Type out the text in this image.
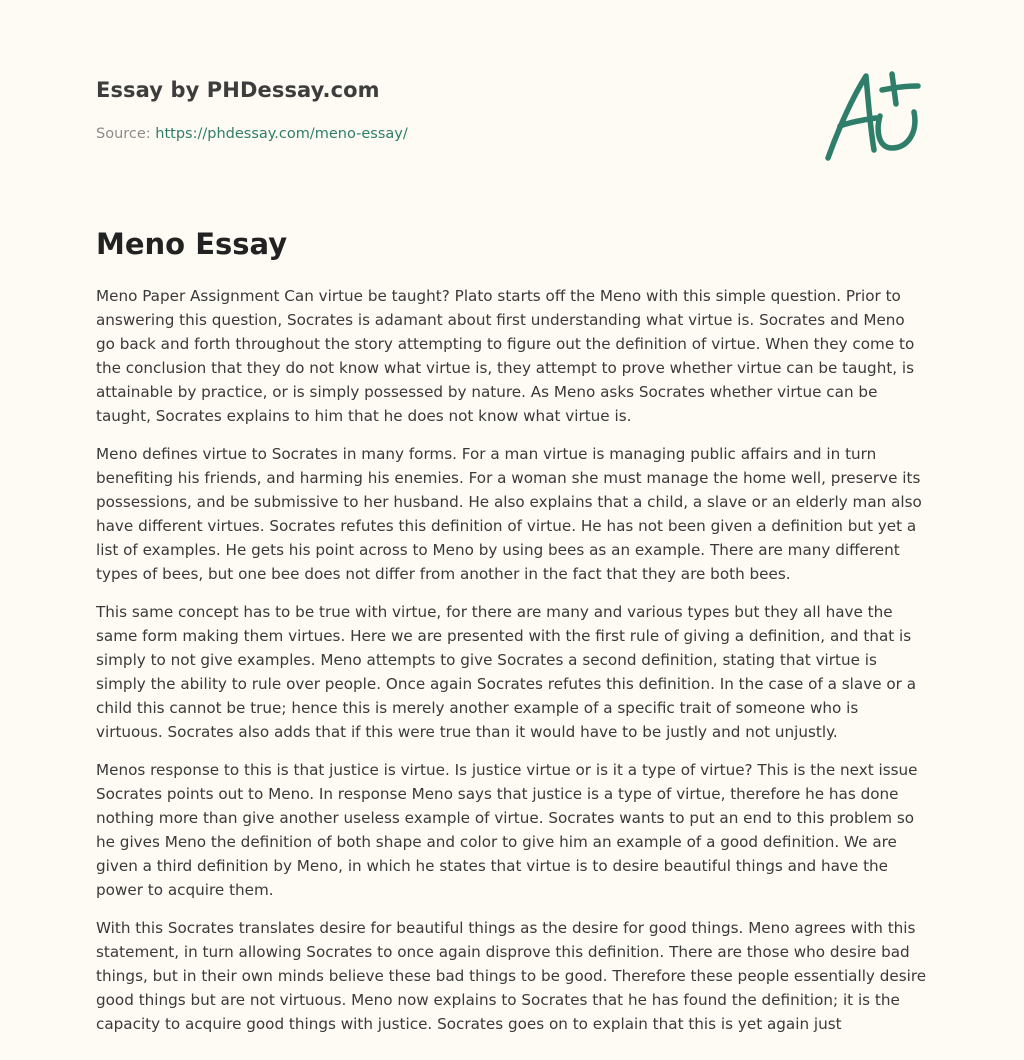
Essay by PHDessay.com
Source: https://phdessay.com/meno-essay/
Meno Essay

Meno Paper Assignment Can virtue be taught? Plato starts off the Meno with this simple question. Prior to answering this question, Socrates is adamant about first understanding what virtue is. Socrates and Meno go back and forth throughout the story attempting to figure out the definition of virtue. When they come to the conclusion that they do not know what virtue is, they attempt to prove whether virtue can be taught, is attainable by practice, or is simply possessed by nature. As Meno asks Socrates whether virtue can be taught, Socrates explains to him that he does not know what virtue is.

Meno defines virtue to Socrates in many forms. For a man virtue is managing public affairs and in turn benefiting his friends, and harming his enemies. For a woman she must manage the home well, preserve its possessions, and be submissive to her husband. He also explains that a child, a slave or an elderly man also have different virtues. Socrates refutes this definition of virtue. He has not been given a definition but yet a list of examples. He gets his point across to Meno by using bees as an example. There are many different types of bees, but one bee does not differ from another in the fact that they are both bees.

This same concept has to be true with virtue, for there are many and various types but they all have the same form making them virtues. Here we are presented with the first rule of giving a definition, and that is simply to not give examples. Meno attempts to give Socrates a second definition, stating that virtue is simply the ability to rule over people. Once again Socrates refutes this definition. In the case of a slave or a child this cannot be true; hence this is merely another example of a specific trait of someone who is virtuous. Socrates also adds that if this were true than it would have to be justly and not unjustly.

Menos response to this is that justice is virtue. Is justice virtue or is it a type of virtue? This is the next issue Socrates points out to Meno. In response Meno says that justice is a type of virtue, therefore he has done nothing more than give another useless example of virtue. Socrates wants to put an end to this problem so he gives Meno the definition of both shape and color to give him an example of a good definition. We are given a third definition by Meno, in which he states that virtue is to desire beautiful things and have the power to acquire them.

With this Socrates translates desire for beautiful things as the desire for good things. Meno agrees with this statement, in turn allowing Socrates to once again disprove this definition. There are those who desire bad things, but in their own minds believe these bad things to be good. Therefore these people essentially desire good things but are not virtuous. Meno now explains to Socrates that he has found the definition; it is the capacity to acquire good things with justice. Socrates goes on to explain that this is yet again just
